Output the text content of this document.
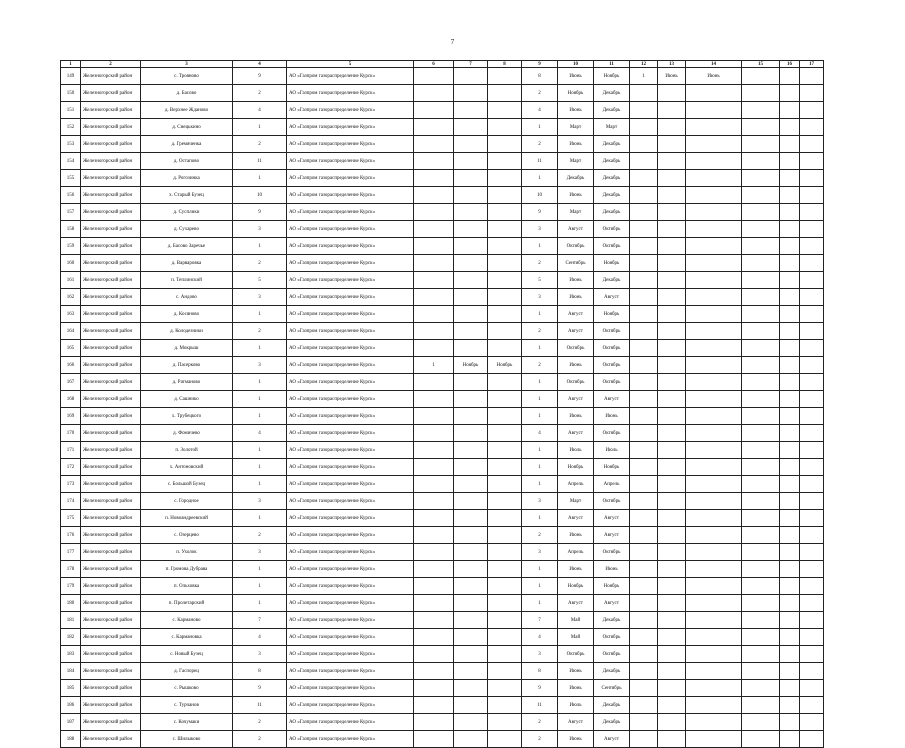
7
1	2	3	4	5	6	7	8	9	10	11	12	13	14	15	16	17
149	Железногорский район	с. Трояново	9	АО «Газпром газораспределение Курск»				8	Июнь	Ноябрь	1	Июнь	Июнь			
150	Железногорский район	д. Басово	2	АО «Газпром газораспределение Курск»				2	Ноябрь	Декабрь						
151	Железногорский район	д. Верхнее Жданово	4	АО «Газпром газораспределение Курск»				4	Июнь	Декабрь						
152	Железногорский район	д. Снецькино	1	АО «Газпром газораспределение Курск»				1	Март	Март						
153	Железногорский район	д. Гремяченка	2	АО «Газпром газораспределение Курск»				2	Июнь	Декабрь						
154	Железногорский район	д. Остапово	11	АО «Газпром газораспределение Курск»				11	Март	Декабрь						
155	Железногорский район	д. Рогозинка	1	АО «Газпром газораспределение Курск»				1	Декабрь	Декабрь						
156	Железногорский район	х. Старый Бузец	10	АО «Газпром газораспределение Курск»				10	Июнь	Декабрь						
157	Железногорский район	д. Сусплики	9	АО «Газпром газораспределение Курск»				9	Март	Декабрь						
158	Железногорский район	д. Сухарево	3	АО «Газпром газораспределение Курск»				3	Август	Октябрь						
159	Железногорский район	д. Басово Заречье	1	АО «Газпром газораспределение Курск»				1	Октябрь	Октябрь						
160	Железногорский район	д. Варваровка	2	АО «Газпром газораспределение Курск»				2	Сентябрь	Ноябрь						
161	Железногорский район	п. Теплинский	5	АО «Газпром газораспределение Курск»				5	Июнь	Декабрь						
162	Железногорский район	с. Андово	3	АО «Газпром газораспределение Курск»				3	Июнь	Август						
163	Железногорский район	д. Косяново	1	АО «Газпром газораспределение Курск»				1	Август	Ноябрь						
164	Железногорский район	д. Колодезники	2	АО «Газпром газораспределение Курск»				2	Август	Октябрь						
165	Железногорский район	д. Мокрыш	1	АО «Газпром газораспределение Курск»				1	Октябрь	Октябрь						
166	Железногорский район	д. Пасерково	3	АО «Газпром газораспределение Курск»	1	Ноябрь	Ноябрь	2	Июнь	Октябрь						
167	Железногорский район	д. Ратманово	1	АО «Газпром газораспределение Курск»				1	Октябрь	Октябрь						
168	Железногорский район	д. Сашнико	1	АО «Газпром газораспределение Курск»				1	Август	Август						
169	Железногорский район	х. Трубецкого	1	АО «Газпром газораспределение Курск»				1	Июнь	Июнь						
170	Железногорский район	д. Фомичево	4	АО «Газпром газораспределение Курск»				4	Август	Октябрь						
171	Железногорский район	п. Золотой	1	АО «Газпром газораспределение Курск»				1	Июль	Июль						
172	Железногорский район	х. Антоновский	1	АО «Газпром газораспределение Курск»				1	Ноябрь	Ноябрь						
173	Железногорский район	с. Большой Бузец	1	АО «Газпром газораспределение Курск»				1	Апрель	Апрель						
174	Железногорский район	с. Городное	3	АО «Газпром газораспределение Курск»				3	Март	Октябрь						
175	Железногорский район	п. Новоандреевский	1	АО «Газпром газораспределение Курск»				1	Август	Август						
176	Железногорский район	с. Озерцево	2	АО «Газпром газораспределение Курск»				2	Июнь	Август						
177	Железногорский район	п. Ухолок	3	АО «Газпром газораспределение Курск»				3	Апрель	Октябрь						
178	Железногорский район	п. Громова Дубрава	1	АО «Газпром газораспределение Курск»				1	Июнь	Июнь						
179	Железногорский район	п. Ольховка	1	АО «Газпром газораспределение Курск»				1	Ноябрь	Ноябрь						
180	Железногорский район	п. Пролетарский	1	АО «Газпром газораспределение Курск»				1	Август	Август						
181	Железногорский район	с. Карманово	7	АО «Газпром газораспределение Курск»				7	Май	Декабрь						
182	Железногорский район	с. Кармановка	4	АО «Газпром газораспределение Курск»				4	Май	Октябрь						
183	Железногорский район	с. Новый Бузец	3	АО «Газпром газораспределение Курск»				3	Октябрь	Октябрь						
184	Железногорский район	д. Гаспорец	8	АО «Газпром газораспределение Курск»				8	Июнь	Декабрь						
185	Железногорский район	с. Рышково	9	АО «Газпром газораспределение Курск»				9	Июнь	Сентябрь						
186	Железногорский район	с. Турчанов	11	АО «Газпром газораспределение Курск»				11	Июль	Декабрь						
187	Железногорский район	с. Кочумаки	2	АО «Газпром газораспределение Курск»				2	Август	Декабрь						
188	Железногорский район	с. Шилыково	2	АО «Газпром газораспределение Курск»				2	Июнь	Август						
